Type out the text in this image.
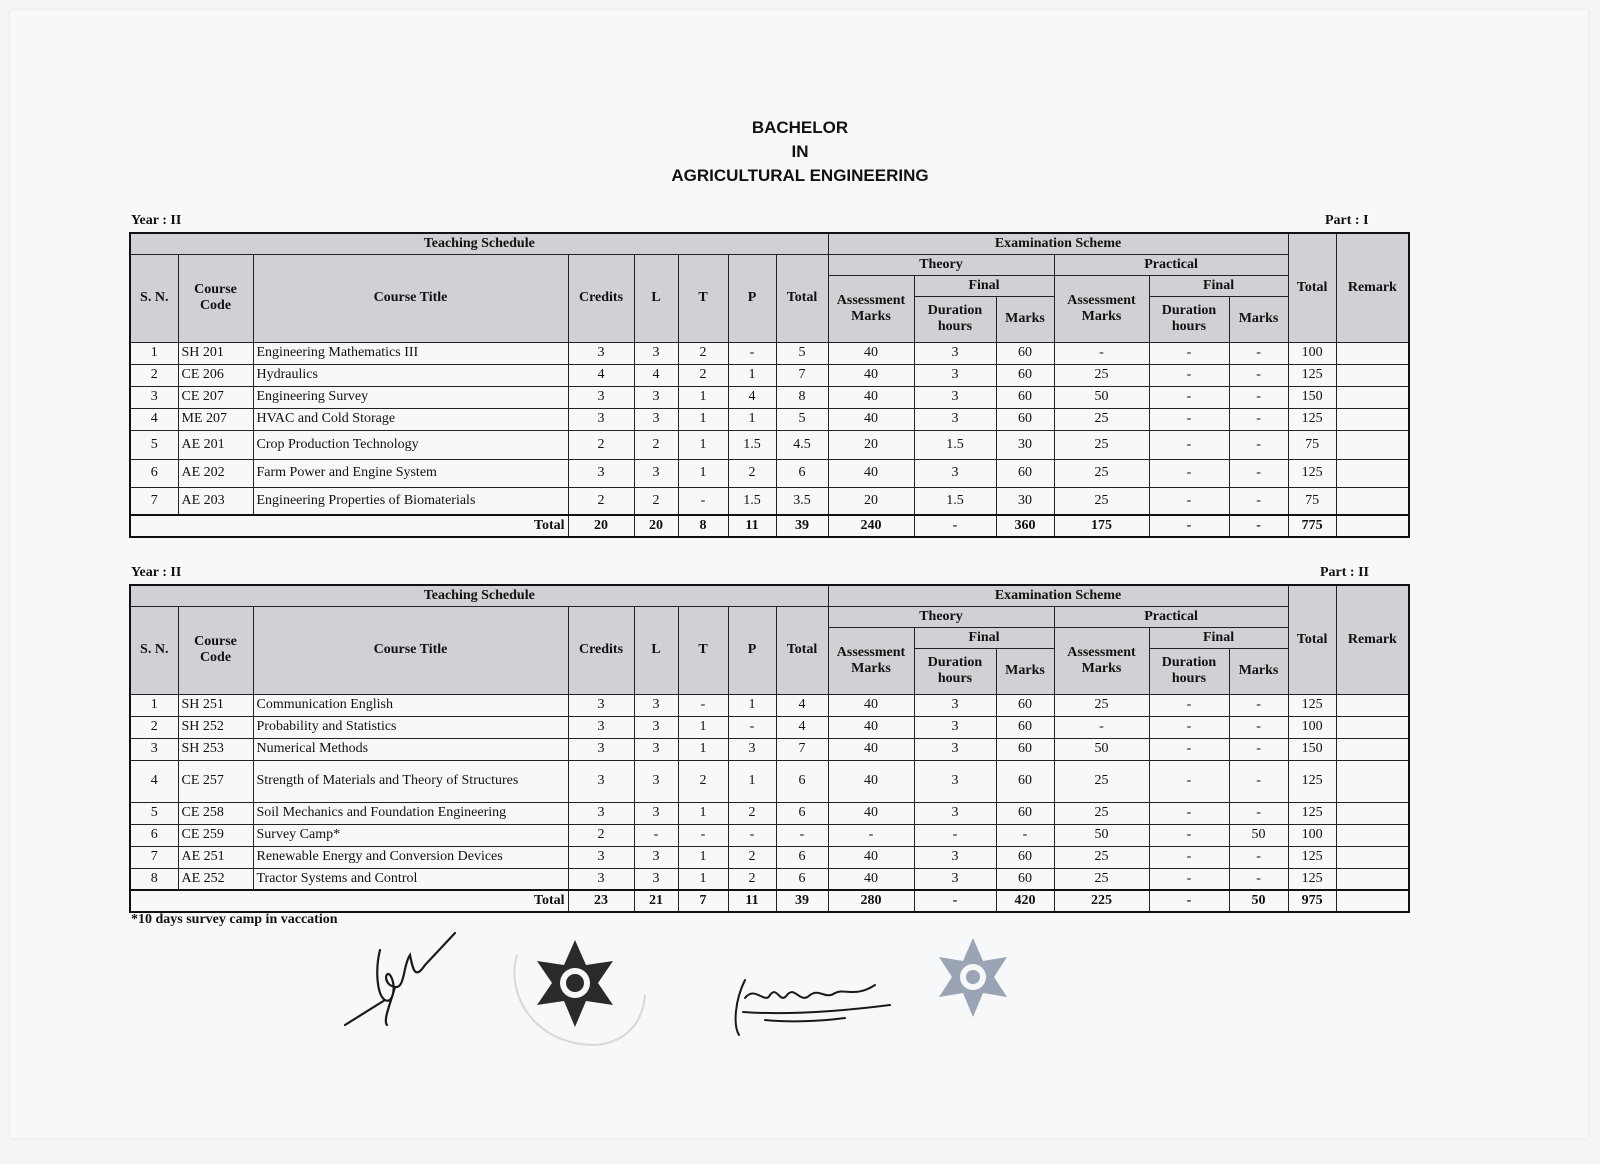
BACHELOR
IN
AGRICULTURAL ENGINEERING
Year : II	Part : I
Teaching Schedule								Examination Scheme						Total	Remark
S. N.	Course Code	Course Title	Credits	L	T	P	Total	Theory			Practical				
								Assessment Marks	Final		Assessment Marks	Final			
									Duration hours	Marks		Duration hours	Marks		
1	SH 201	Engineering Mathematics III	3	3	2	-	5	40	3	60	-	-	-	100	
2	CE 206	Hydraulics	4	4	2	1	7	40	3	60	25	-	-	125	
3	CE 207	Engineering Survey	3	3	1	4	8	40	3	60	50	-	-	150	
4	ME 207	HVAC and Cold Storage	3	3	1	1	5	40	3	60	25	-	-	125	
5	AE 201	Crop Production Technology	2	2	1	1.5	4.5	20	1.5	30	25	-	-	75	
6	AE 202	Farm Power and Engine System	3	3	1	2	6	40	3	60	25	-	-	125	
7	AE 203	Engineering Properties of Biomaterials	2	2	-	1.5	3.5	20	1.5	30	25	-	-	75	
Total			20	20	8	11	39	240	-	360	175	-	-	775	
Year : II	Part : II
Teaching Schedule								Examination Scheme						Total	Remark
S. N.	Course Code	Course Title	Credits	L	T	P	Total	Theory			Practical				
								Assessment Marks	Final		Assessment Marks	Final			
									Duration hours	Marks		Duration hours	Marks		
1	SH 251	Communication English	3	3	-	1	4	40	3	60	25	-	-	125	
2	SH 252	Probability and Statistics	3	3	1	-	4	40	3	60	-	-	-	100	
3	SH 253	Numerical Methods	3	3	1	3	7	40	3	60	50	-	-	150	
4	CE 257	Strength of Materials and Theory of Structures	3	3	2	1	6	40	3	60	25	-	-	125	
5	CE 258	Soil Mechanics and Foundation Engineering	3	3	1	2	6	40	3	60	25	-	-	125	
6	CE 259	Survey Camp*	2	-	-	-	-	-	-	-	50	-	50	100	
7	AE 251	Renewable Energy and Conversion Devices	3	3	1	2	6	40	3	60	25	-	-	125	
8	AE 252	Tractor Systems and Control	3	3	1	2	6	40	3	60	25	-	-	125	
Total			23	21	7	11	39	280	-	420	225	-	50	975	
*10 days survey camp in vaccation
